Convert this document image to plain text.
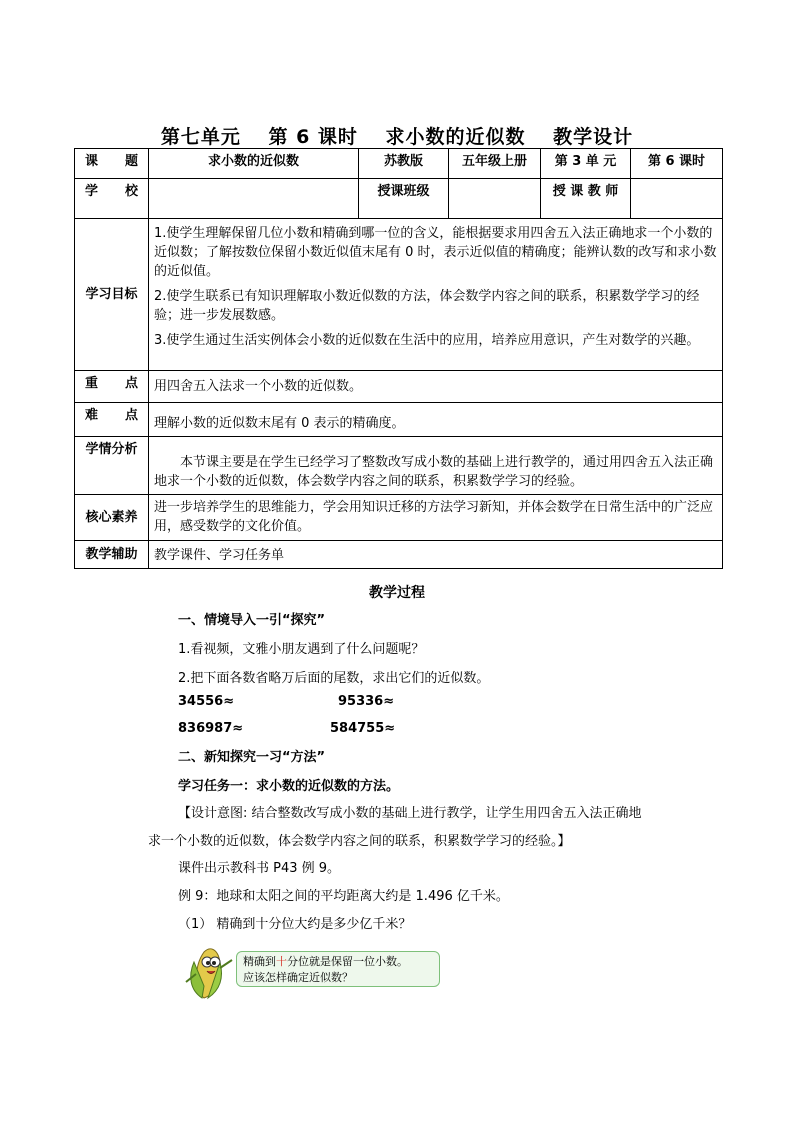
第七单元 第 6 课时 求小数的近似数 教学设计
课 题	求小数的近似数	苏教版	五年级上册	第 3 单 元	第 6 课时
学 校		授课班级		授 课 教 师	
学习目标	1.使学生理解保留几位小数和精确到哪一位的含义，能根据要求用四舍五入法正确地求一个小数的近似数；了解按数位保留小数近似值末尾有 0 时，表示近似值的精确度；能辨认数的改写和求小数的近似值。

2.使学生联系已有知识理解取小数近似数的方法，体会数学内容之间的联系，积累数学学习的经验；进一步发展数感。

3.使学生通过生活实例体会小数的近似数在生活中的应用，培养应用意识，产生对数学的兴趣。				

重 点	用四舍五入法求一个小数的近似数。				
难 点	理解小数的近似数末尾有 0 表示的精确度。				
学情分析	本节课主要是在学生已经学习了整数改写成小数的基础上进行教学的，通过用四舍五入法正确地求一个小数的近似数，体会数学内容之间的联系，积累数学学习的经验。				
核心素养	进一步培养学生的思维能力，学会用知识迁移的方法学习新知，并体会数学在日常生活中的广泛应用，感受数学的文化价值。				
教学辅助	教学课件、学习任务单				
教学过程
一、情境导入一引“探究”
1.看视频，文雅小朋友遇到了什么问题呢？
2.把下面各数省略万后面的尾数，求出它们的近似数。
34556≈	95336≈
836987≈	584755≈
二、新知探究一习“方法”
学习任务一：求小数的近似数的方法。
【设计意图: 结合整数改写成小数的基础上进行教学，让学生用四舍五入法正确地
求一个小数的近似数，体会数学内容之间的联系，积累数学学习的经验。】
课件出示教科书 P43 例 9。
例 9：地球和太阳之间的平均距离大约是 1.496 亿千米。
（1） 精确到十分位大约是多少亿千米？
精确到十分位就是保留一位小数。
应该怎样确定近似数？
